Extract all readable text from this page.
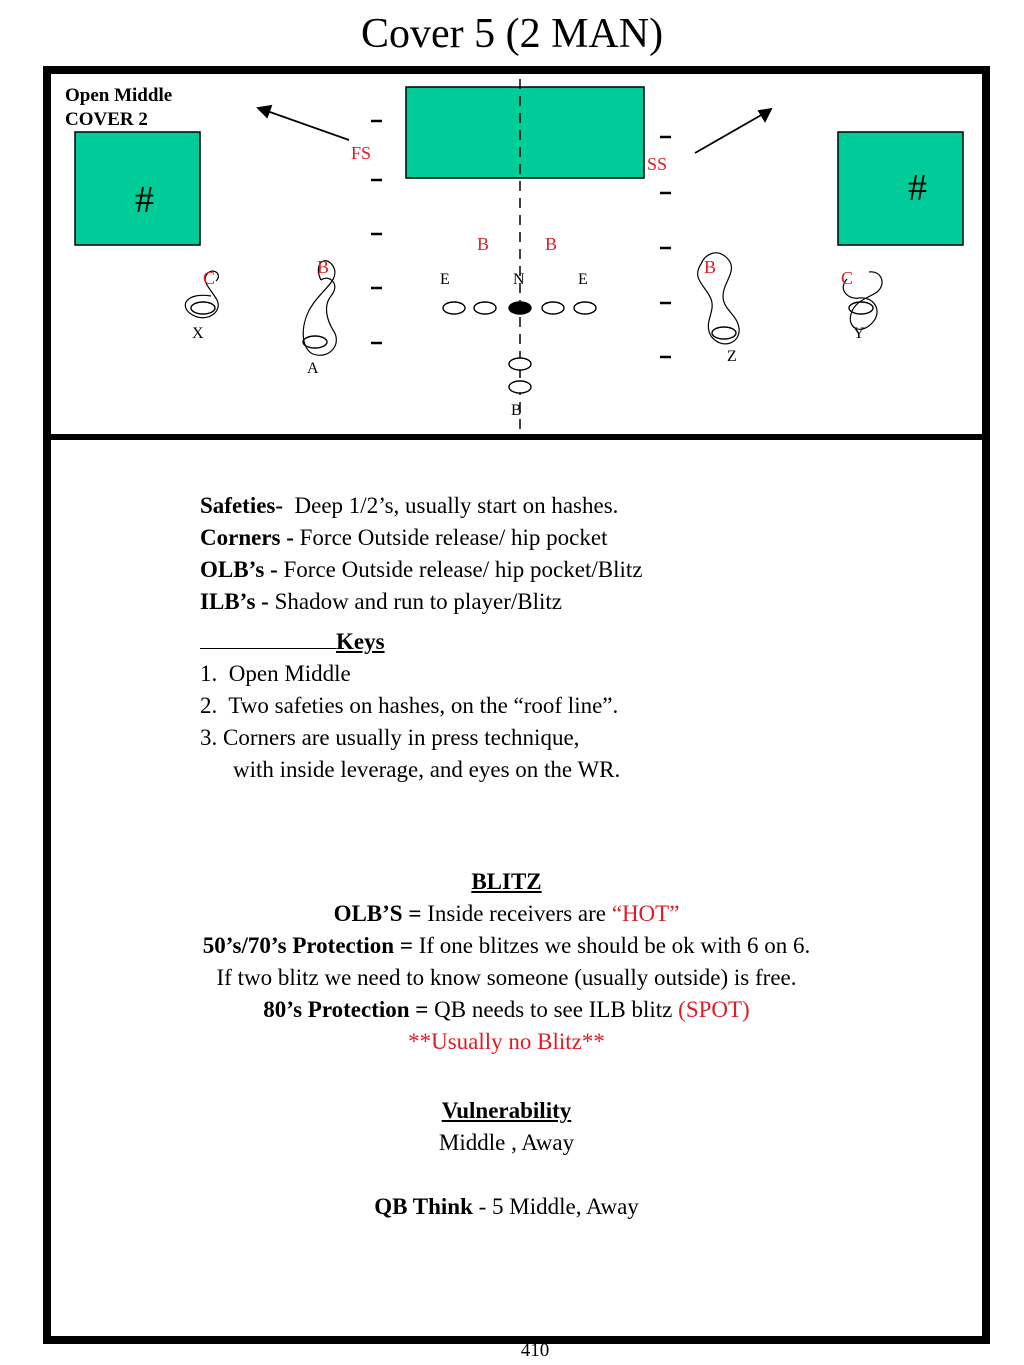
Cover 5 (2 MAN)
Open Middle
COVER 2
#	#
FS
SS
B	B
B	B
C	C
E	N	E
X
A
Z
Y
B
Safeties-  Deep 1/2’s, usually start on hashes.
Corners - Force Outside release/ hip pocket
OLB’s - Force Outside release/ hip pocket/Blitz
ILB’s - Shadow and run to player/Blitz
Keys
1.  Open Middle
2.  Two safeties on hashes, on the “roof line”.
3. Corners are usually in press technique,
with inside leverage, and eyes on the WR.
BLITZ
OLB’S = Inside receivers are “HOT”
50’s/70’s Protection = If one blitzes we should be ok with 6 on 6.
If two blitz we need to know someone (usually outside) is free.
80’s Protection = QB needs to see ILB blitz (SPOT)
**Usually no Blitz**
Vulnerability
Middle , Away
QB Think - 5 Middle, Away
410
